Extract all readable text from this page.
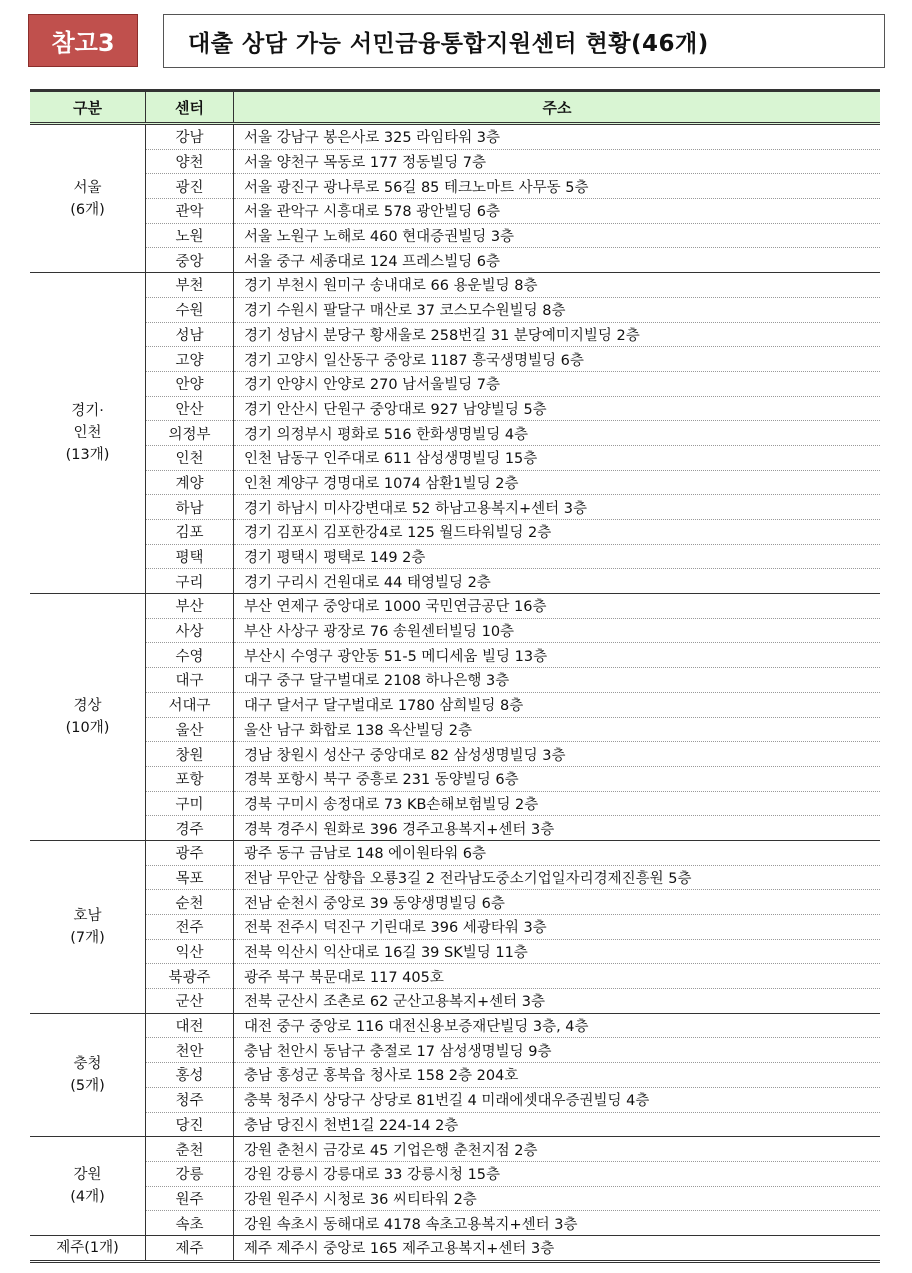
참고3	대출 상담 가능 서민금융통합지원센터 현황(46개)
구분	센터	주소

서울
(6개)	강남	서울 강남구 봉은사로 325 라임타워 3층
	양천	서울 양천구 목동로 177 정동빌딩 7층
	광진	서울 광진구 광나루로 56길 85 테크노마트 사무동 5층
	관악	서울 관악구 시흥대로 578 광안빌딩 6층
	노원	서울 노원구 노해로 460 현대증권빌딩 3층
	중앙	서울 중구 세종대로 124 프레스빌딩 6층

경기·
인천
(13개)	부천	경기 부천시 원미구 송내대로 66 용운빌딩 8층
	수원	경기 수원시 팔달구 매산로 37 코스모수원빌딩 8층
	성남	경기 성남시 분당구 황새울로 258번길 31 분당예미지빌딩 2층
	고양	경기 고양시 일산동구 중앙로 1187 흥국생명빌딩 6층
	안양	경기 안양시 안양로 270 남서울빌딩 7층
	안산	경기 안산시 단원구 중앙대로 927 남양빌딩 5층
	의정부	경기 의정부시 평화로 516 한화생명빌딩 4층
	인천	인천 남동구 인주대로 611 삼성생명빌딩 15층
	계양	인천 계양구 경명대로 1074 삼환1빌딩 2층
	하남	경기 하남시 미사강변대로 52 하남고용복지+센터 3층
	김포	경기 김포시 김포한강4로 125 월드타워빌딩 2층
	평택	경기 평택시 평택로 149 2층
	구리	경기 구리시 건원대로 44 태영빌딩 2층

경상
(10개)	부산	부산 연제구 중앙대로 1000 국민연금공단 16층
	사상	부산 사상구 광장로 76 송원센터빌딩 10층
	수영	부산시 수영구 광안동 51-5 메디세움 빌딩 13층
	대구	대구 중구 달구벌대로 2108 하나은행 3층
	서대구	대구 달서구 달구벌대로 1780 삼희빌딩 8층
	울산	울산 남구 화합로 138 옥산빌딩 2층
	창원	경남 창원시 성산구 중앙대로 82 삼성생명빌딩 3층
	포항	경북 포항시 북구 중흥로 231 동양빌딩 6층
	구미	경북 구미시 송정대로 73 KB손해보험빌딩 2층
	경주	경북 경주시 원화로 396 경주고용복지+센터 3층

호남
(7개)	광주	광주 동구 금남로 148 에이원타워 6층
	목포	전남 무안군 삼향읍 오룡3길 2 전라남도중소기업일자리경제진흥원 5층
	순천	전남 순천시 중앙로 39 동양생명빌딩 6층
	전주	전북 전주시 덕진구 기린대로 396 세광타워 3층
	익산	전북 익산시 익산대로 16길 39 SK빌딩 11층
	북광주	광주 북구 북문대로 117 405호
	군산	전북 군산시 조촌로 62 군산고용복지+센터 3층

충청
(5개)	대전	대전 중구 중앙로 116 대전신용보증재단빌딩 3층, 4층
	천안	충남 천안시 동남구 충절로 17 삼성생명빌딩 9층
	홍성	충남 홍성군 홍북읍 청사로 158 2층 204호
	청주	충북 청주시 상당구 상당로 81번길 4 미래에셋대우증권빌딩 4층
	당진	충남 당진시 천변1길 224-14 2층

강원
(4개)	춘천	강원 춘천시 금강로 45 기업은행 춘천지점 2층
	강릉	강원 강릉시 강릉대로 33 강릉시청 15층
	원주	강원 원주시 시청로 36 씨티타워 2층
	속초	강원 속초시 동해대로 4178 속초고용복지+센터 3층

제주(1개)	제주	제주 제주시 중앙로 165 제주고용복지+센터 3층
